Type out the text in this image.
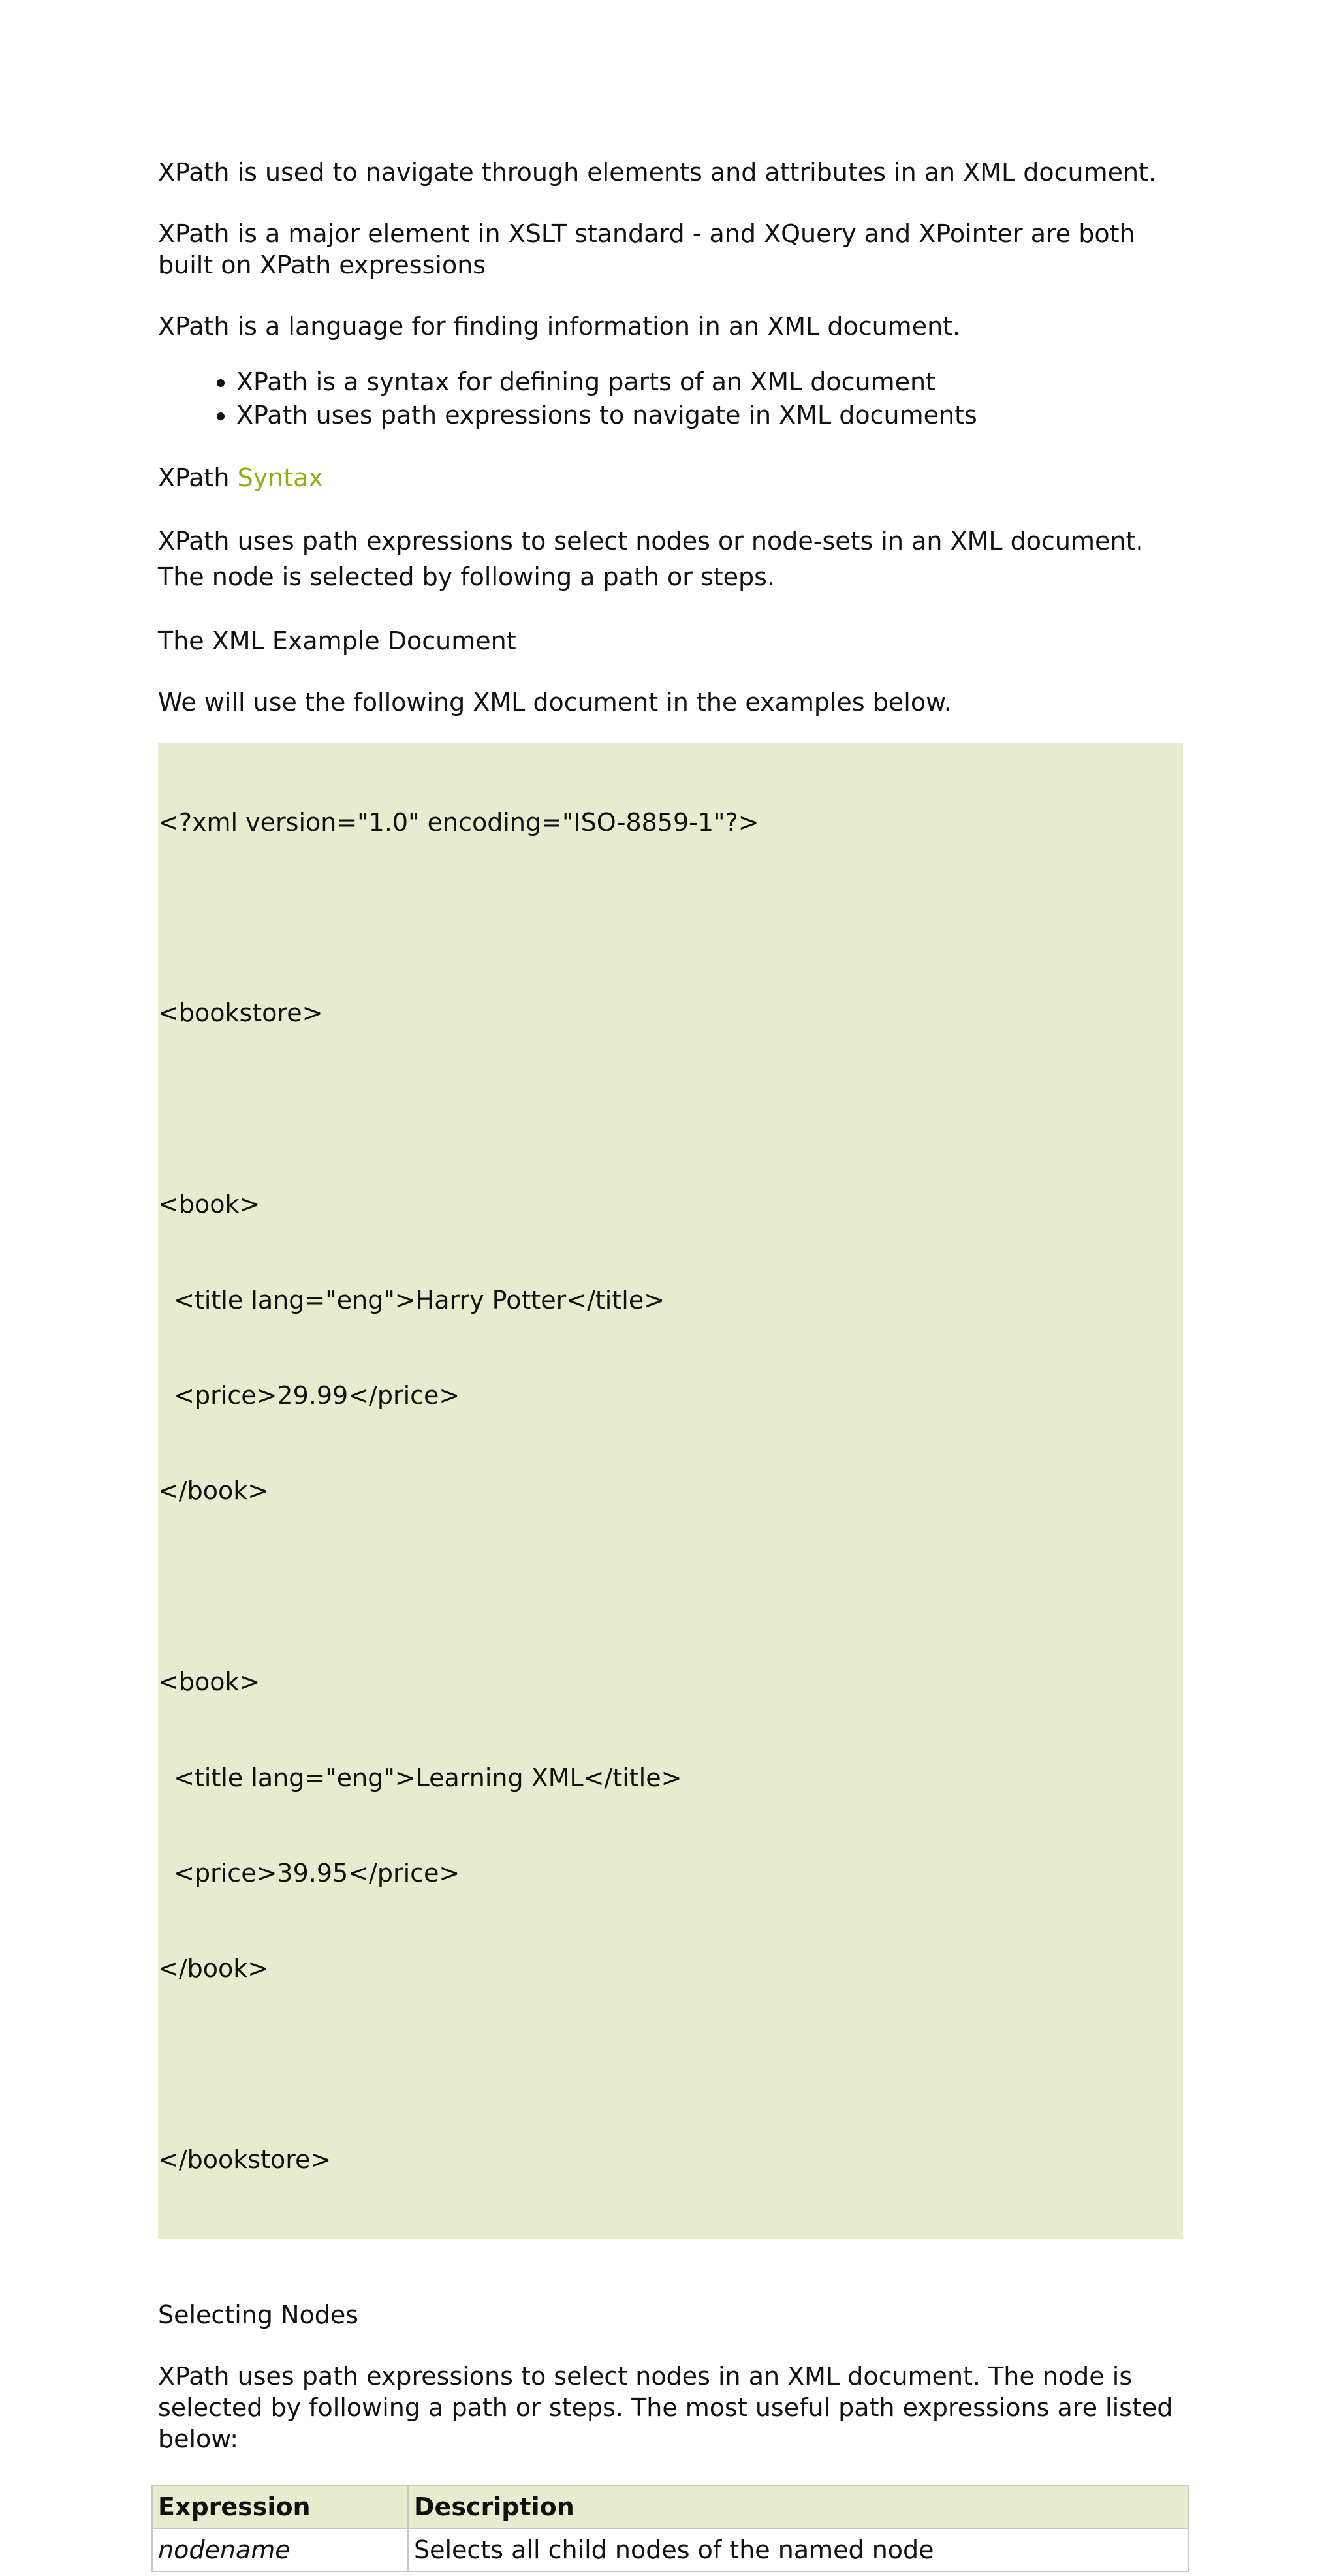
XPath is used to navigate through elements and attributes in an XML document.

XPath is a major element in XSLT standard - and XQuery and XPointer are both built on XPath expressions

XPath is a language for finding information in an XML document.

• XPath is a syntax for defining parts of an XML document
• XPath uses path expressions to navigate in XML documents

XPath Syntax

XPath uses path expressions to select nodes or node-sets in an XML document. The node is selected by following a path or steps.

The XML Example Document

We will use the following XML document in the examples below.

<?xml version="1.0" encoding="ISO-8859-1"?>

<bookstore>

<book>

<title lang="eng">Harry Potter</title>

<price>29.99</price>

</book>

<book>

<title lang="eng">Learning XML</title>

<price>39.95</price>

</book>

</bookstore>

Selecting Nodes

XPath uses path expressions to select nodes in an XML document. The node is selected by following a path or steps. The most useful path expressions are listed below:

Expression	Description
nodename	Selects all child nodes of the named node
